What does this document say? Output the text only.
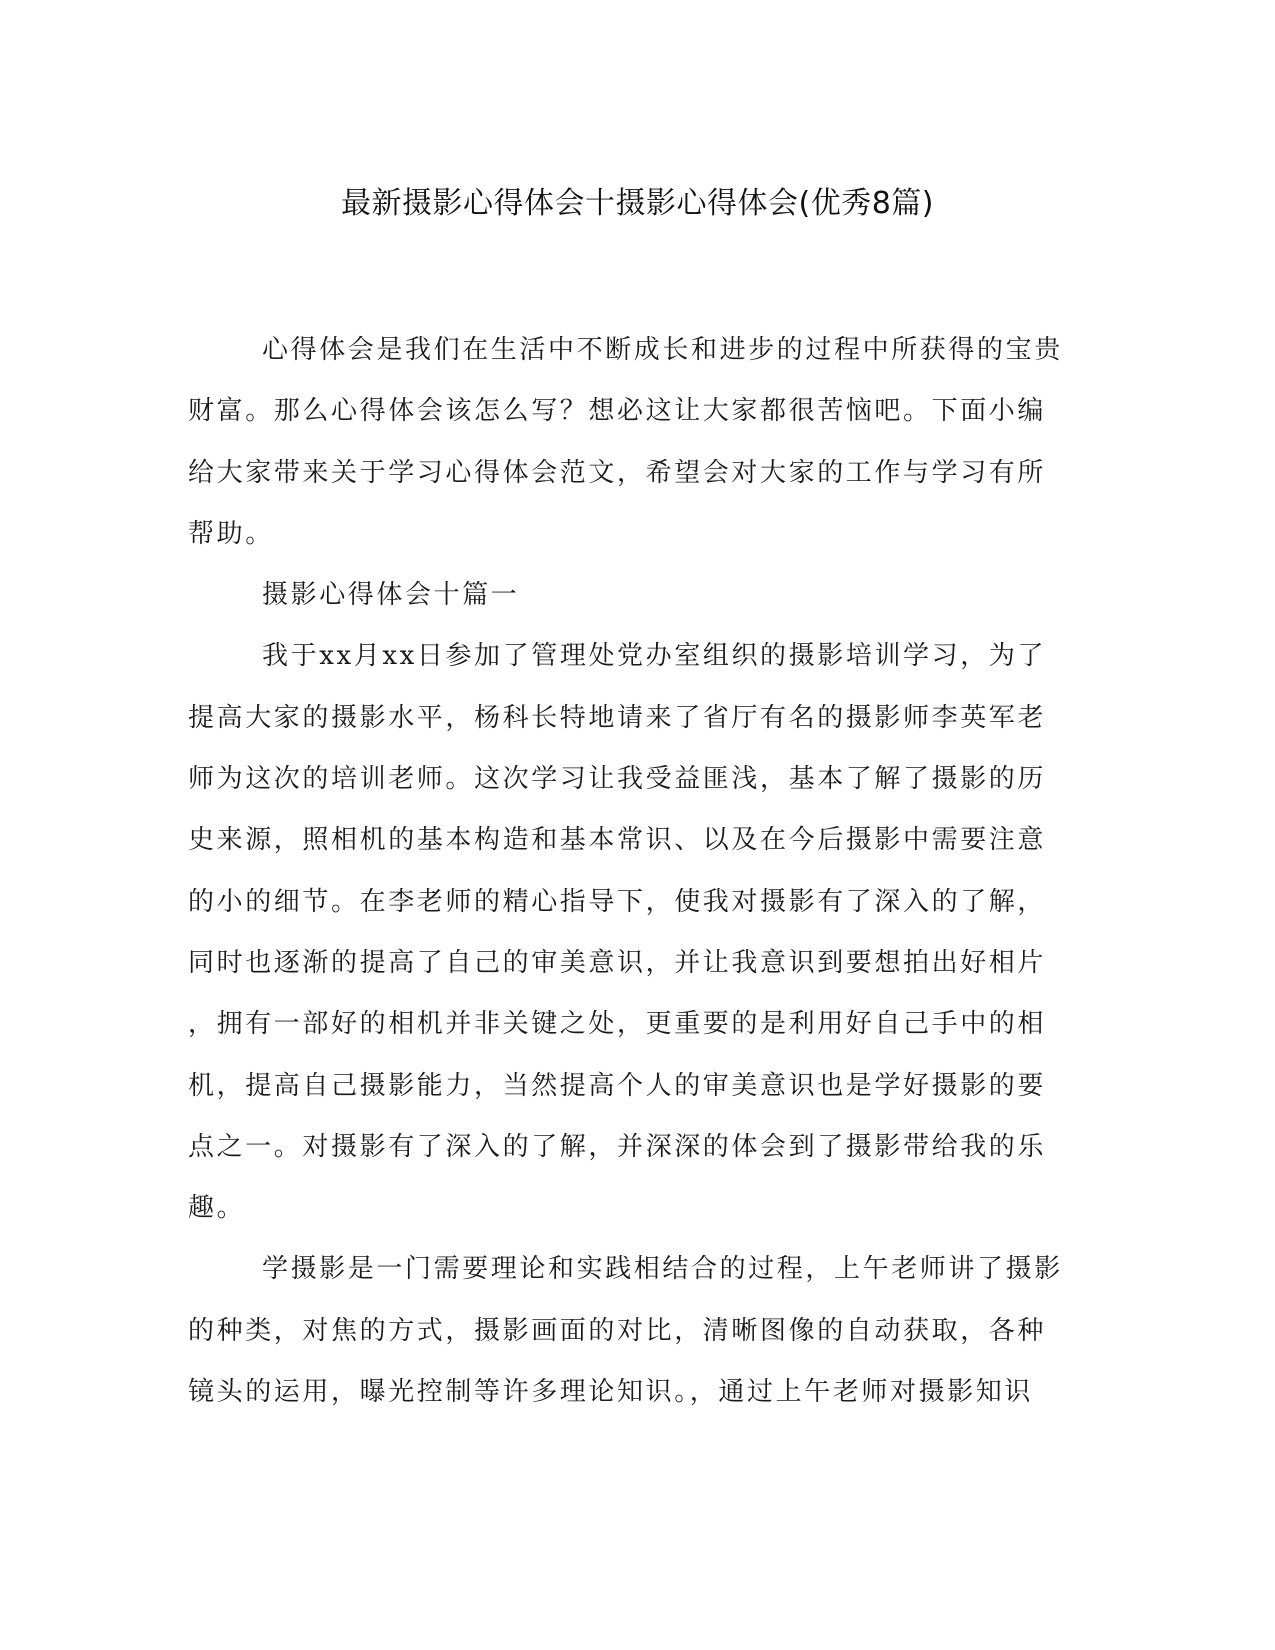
最新摄影心得体会十摄影心得体会(优秀8篇)
心得体会是我们在生活中不断成长和进步的过程中所获得的宝贵
财富。那么心得体会该怎么写？想必这让大家都很苦恼吧。下面小编
给大家带来关于学习心得体会范文，希望会对大家的工作与学习有所
帮助。
摄影心得体会十篇一
我于xx月xx日参加了管理处党办室组织的摄影培训学习，为了
提高大家的摄影水平，杨科长特地请来了省厅有名的摄影师李英军老
师为这次的培训老师。这次学习让我受益匪浅，基本了解了摄影的历
史来源，照相机的基本构造和基本常识、以及在今后摄影中需要注意
的小的细节。在李老师的精心指导下，使我对摄影有了深入的了解，
同时也逐渐的提高了自己的审美意识，并让我意识到要想拍出好相片
，拥有一部好的相机并非关键之处，更重要的是利用好自己手中的相
机，提高自己摄影能力，当然提高个人的审美意识也是学好摄影的要
点之一。对摄影有了深入的了解，并深深的体会到了摄影带给我的乐
趣。
学摄影是一门需要理论和实践相结合的过程，上午老师讲了摄影
的种类，对焦的方式，摄影画面的对比，清晰图像的自动获取，各种
镜头的运用，曝光控制等许多理论知识。，通过上午老师对摄影知识
